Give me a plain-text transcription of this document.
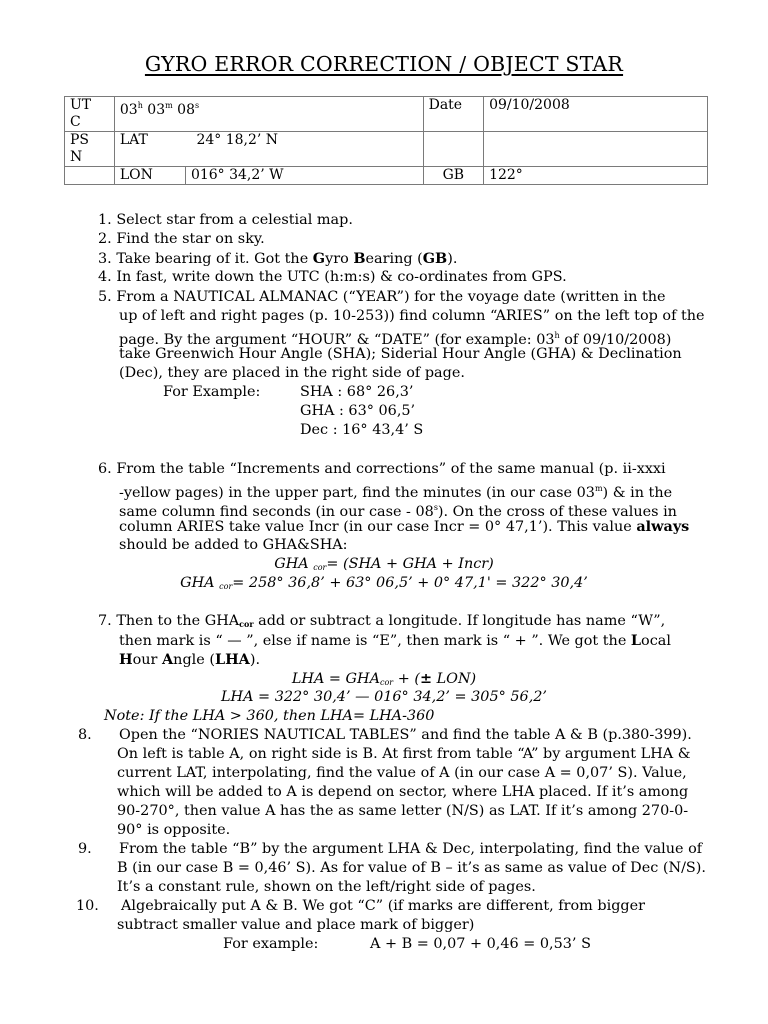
GYRO ERROR CORRECTION / OBJECT STAR
UT
C	03$^h$ 03$^m$ 08$^s$		Date	09/10/2008
PS
N	LAT	24° 18,2’ N		
	LON	016° 34,2’ W	GB	122°
1. Select star from a celestial map.
2. Find the star on sky.
3. Take bearing of it. Got the Gyro Bearing (GB).
4. In fast, write down the UTC (h:m:s) & co-ordinates from GPS.
5. From a NAUTICAL ALMANAC (“YEAR”) for the voyage date (written in the
up of left and right pages (p. 10-253)) find column “ARIES” on the left top of the
page. By the argument “HOUR” & “DATE” (for example: 03$^h$ of 09/10/2008)
take Greenwich Hour Angle (SHA); Siderial Hour Angle (GHA) & Declination
(Dec), they are placed in the right side of page.
For Example:	SHA : 68° 26,3’
GHA : 63° 06,5’
Dec : 16° 43,4’ S
6. From the table “Increments and corrections” of the same manual (p. ii-xxxi
-yellow pages) in the upper part, find the minutes (in our case 03$^m$) & in the
same column find seconds (in our case - 08$^s$). On the cross of these values in
column ARIES take value Incr (in our case Incr = 0° 47,1’). This value always
should be added to GHA&SHA:
GHA cor= (SHA + GHA + Incr)
GHA cor= 258° 36,8’ + 63° 06,5’ + 0° 47,1' = 322° 30,4’
7. Then to the $GHA_{cor}$ add or subtract a longitude. If longitude has name “W”,
then mark is “ — ”, else if name is “E”, then mark is “ + ”. We got the Local
Hour Angle (LHA).
LHA = GHAcor + (± LON)
LHA = 322° 30,4’ — 016° 34,2’ = 305° 56,2’
Note: If the LHA > 360, then LHA= LHA-360
8. Open the “NORIES NAUTICAL TABLES” and find the table A & B (p.380-399).
On left is table A, on right side is B. At first from table “A” by argument LHA &
current LAT, interpolating, find the value of A (in our case A = 0,07’ S). Value,
which will be added to A is depend on sector, where LHA placed. If it’s among
90-270°, then value A has the as same letter (N/S) as LAT. If it’s among 270-0-
90° is opposite.
9. From the table “B” by the argument LHA & Dec, interpolating, find the value of
B (in our case B = 0,46’ S). As for value of B – it’s as same as value of Dec (N/S).
It’s a constant rule, shown on the left/right side of pages.
10. Algebraically put A & B. We got “C” (if marks are different, from bigger
subtract smaller value and place mark of bigger)
For example:	A + B = 0,07 + 0,46 = 0,53’ S
